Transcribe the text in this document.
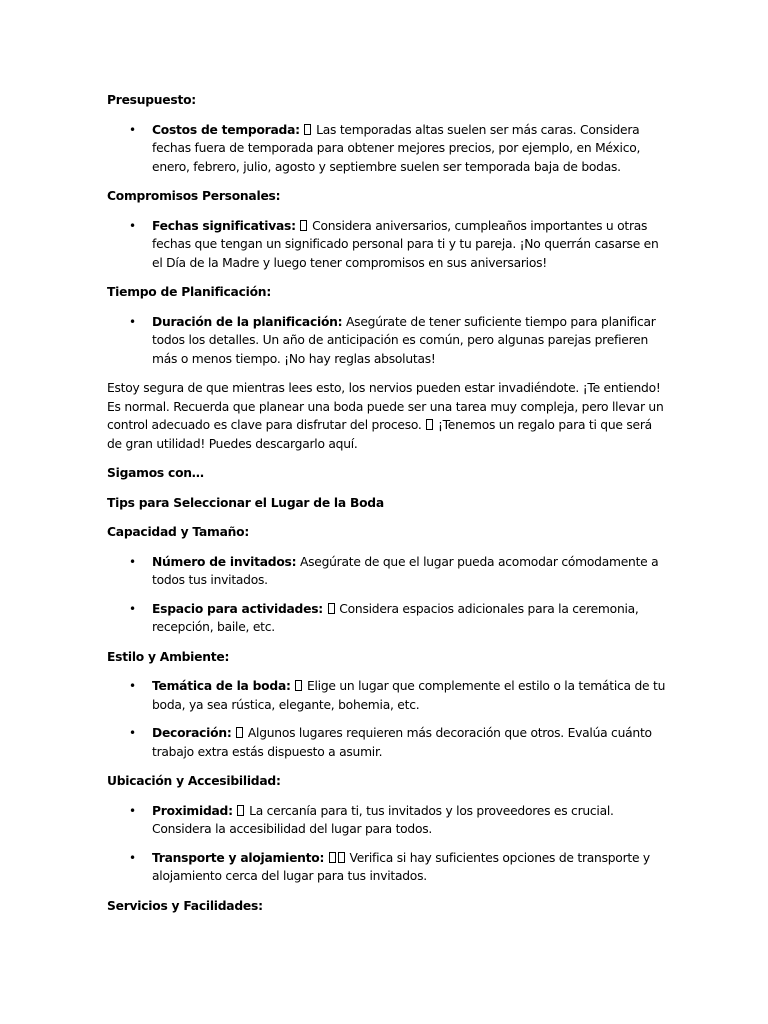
Presupuesto:
• Costos de temporada: Las temporadas altas suelen ser más caras. Considera fechas fuera de temporada para obtener mejores precios, por ejemplo, en México, enero, febrero, julio, agosto y septiembre suelen ser temporada baja de bodas.
Compromisos Personales:
• Fechas significativas: Considera aniversarios, cumpleaños importantes u otras fechas que tengan un significado personal para ti y tu pareja. ¡No querrán casarse en el Día de la Madre y luego tener compromisos en sus aniversarios!
Tiempo de Planificación:
• Duración de la planificación: Asegúrate de tener suficiente tiempo para planificar todos los detalles. Un año de anticipación es común, pero algunas parejas prefieren más o menos tiempo. ¡No hay reglas absolutas!

Estoy segura de que mientras lees esto, los nervios pueden estar invadiéndote. ¡Te entiendo! Es normal. Recuerda que planear una boda puede ser una tarea muy compleja, pero llevar un control adecuado es clave para disfrutar del proceso. ¡Tenemos un regalo para ti que será de gran utilidad! Puedes descargarlo aquí.

Sigamos con…
Tips para Seleccionar el Lugar de la Boda
Capacidad y Tamaño:
• Número de invitados: Asegúrate de que el lugar pueda acomodar cómodamente a todos tus invitados.
• Espacio para actividades: Considera espacios adicionales para la ceremonia, recepción, baile, etc.
Estilo y Ambiente:
• Temática de la boda: Elige un lugar que complemente el estilo o la temática de tu boda, ya sea rústica, elegante, bohemia, etc.
• Decoración: Algunos lugares requieren más decoración que otros. Evalúa cuánto trabajo extra estás dispuesto a asumir.
Ubicación y Accesibilidad:
• Proximidad: La cercanía para ti, tus invitados y los proveedores es crucial. Considera la accesibilidad del lugar para todos.
• Transporte y alojamiento: Verifica si hay suficientes opciones de transporte y alojamiento cerca del lugar para tus invitados.
Servicios y Facilidades:
